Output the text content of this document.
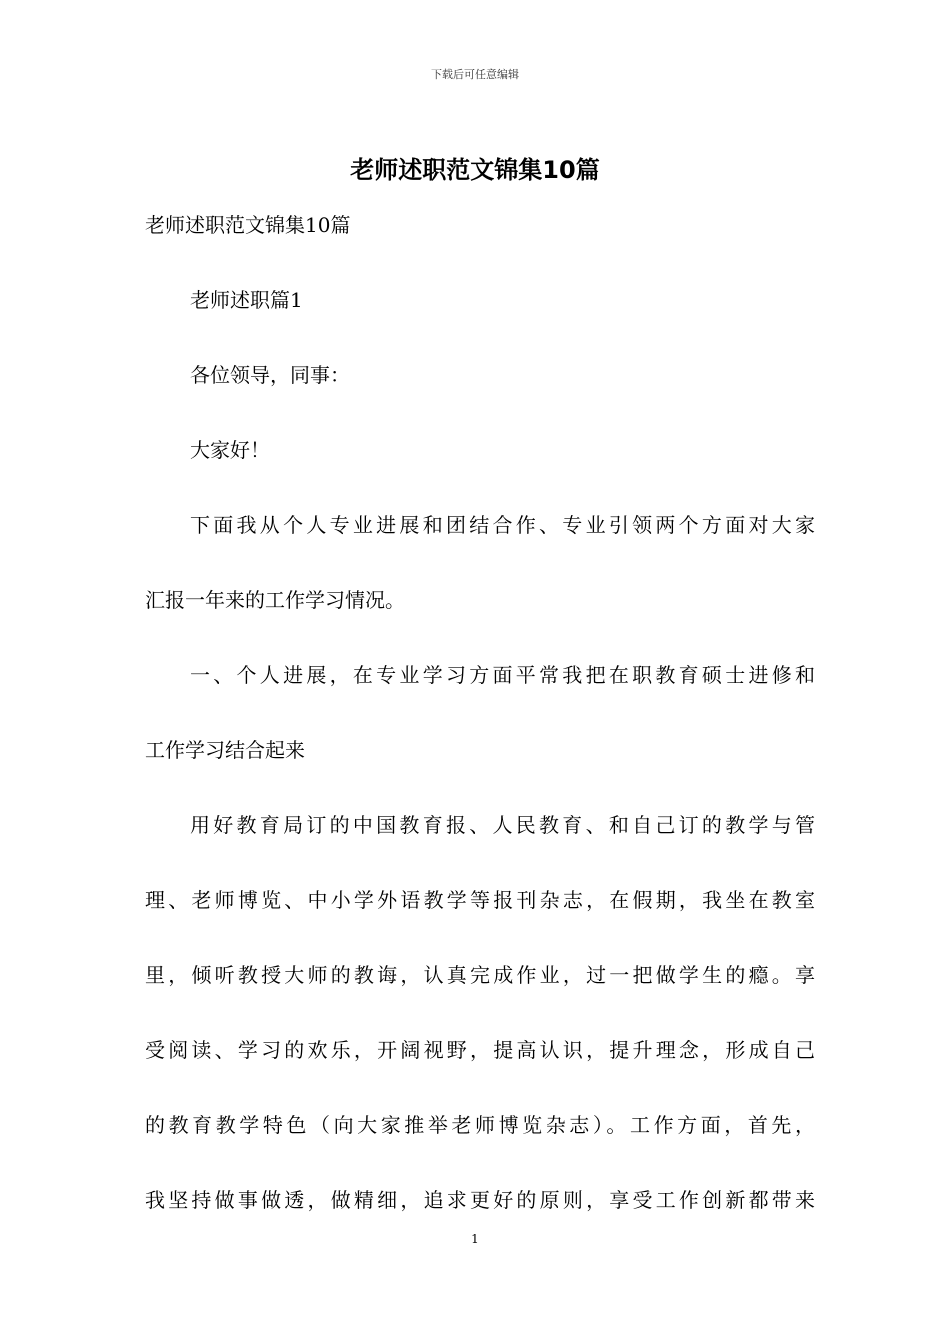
下载后可任意编辑
老师述职范文锦集10篇

老师述职范文锦集10篇

老师述职篇1

各位领导，同事：

大家好！

下面我从个人专业进展和团结合作、专业引领两个方面对大家

汇报一年来的工作学习情况。

一、个人进展，在专业学习方面平常我把在职教育硕士进修和

工作学习结合起来

用好教育局订的中国教育报、人民教育、和自己订的教学与管

理、老师博览、中小学外语教学等报刊杂志，在假期，我坐在教室

里，倾听教授大师的教诲，认真完成作业，过一把做学生的瘾。享

受阅读、学习的欢乐，开阔视野，提高认识，提升理念，形成自己

的教育教学特色（向大家推举老师博览杂志）。工作方面，首先，

我坚持做事做透，做精细，追求更好的原则，享受工作创新都带来

1
